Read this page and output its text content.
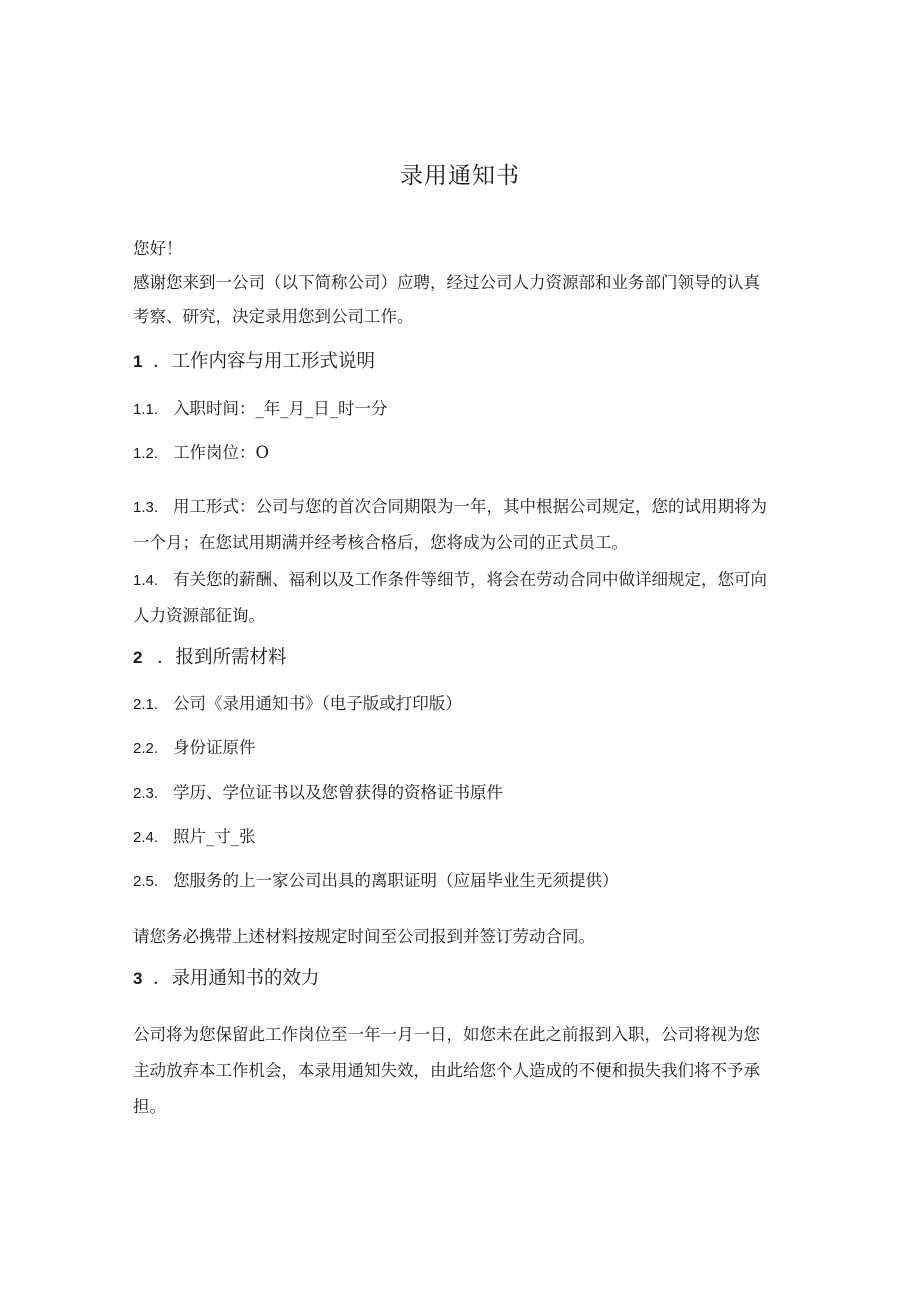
录用通知书
您好！
感谢您来到一公司（以下简称公司）应聘，经过公司人力资源部和业务部门领导的认真
考察、研究，决定录用您到公司工作。
1 ．工作内容与用工形式说明
1.1. 入职时间：_年_月_日_时一分
1.2. 工作岗位：O
1.3. 用工形式：公司与您的首次合同期限为一年，其中根据公司规定，您的试用期将为
一个月；在您试用期满并经考核合格后，您将成为公司的正式员工。
1.4. 有关您的薪酬、福利以及工作条件等细节，将会在劳动合同中做详细规定，您可向
人力资源部征询。
2 ．报到所需材料
2.1. 公司《录用通知书》（电子版或打印版）
2.2. 身份证原件
2.3. 学历、学位证书以及您曾获得的资格证书原件
2.4. 照片_寸_张
2.5. 您服务的上一家公司出具的离职证明（应届毕业生无须提供）
请您务必携带上述材料按规定时间至公司报到并签订劳动合同。
3 ．录用通知书的效力
公司将为您保留此工作岗位至一年一月一日，如您未在此之前报到入职，公司将视为您
主动放弃本工作机会，本录用通知失效，由此给您个人造成的不便和损失我们将不予承
担。
